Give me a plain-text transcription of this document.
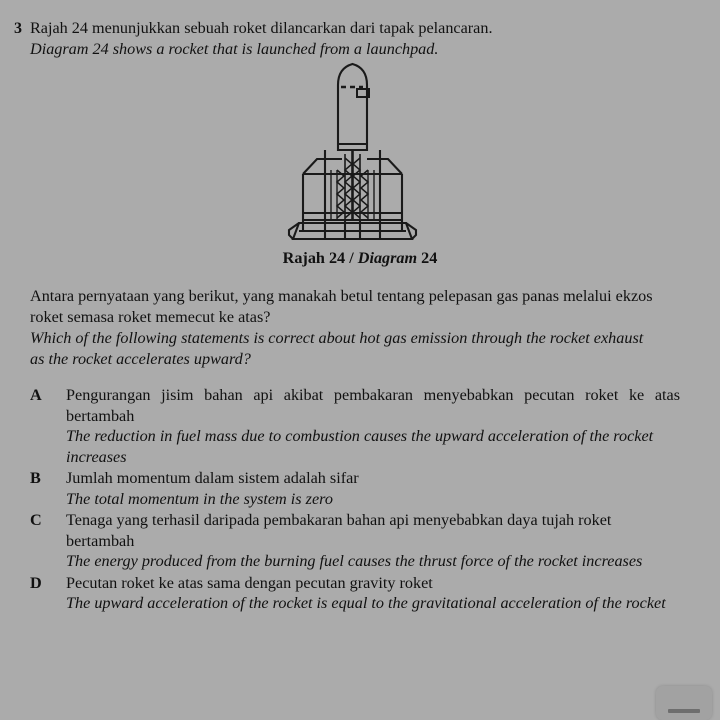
3 Rajah 24 menunjukkan sebuah roket dilancarkan dari tapak pelancaran.
Diagram 24 shows a rocket that is launched from a launchpad.
Rajah 24 / Diagram 24
Antara pernyataan yang berikut, yang manakah betul tentang pelepasan gas panas melalui ekzos
roket semasa roket memecut ke atas?
Which of the following statements is correct about hot gas emission through the rocket exhaust
as the rocket accelerates upward?
A Pengurangan jisim bahan api akibat pembakaran menyebabkan pecutan roket ke atas bertambah
The reduction in fuel mass due to combustion causes the upward acceleration of the rocket increases
B	Jumlah momentum dalam sistem adalah sifar
The total momentum in the system is zero
C Tenaga yang terhasil daripada pembakaran bahan api menyebabkan daya tujah roket bertambah
The energy produced from the burning fuel causes the thrust force of the rocket increases
D Pecutan roket ke atas sama dengan pecutan gravity roket
The upward acceleration of the rocket is equal to the gravitational acceleration of the rocket
